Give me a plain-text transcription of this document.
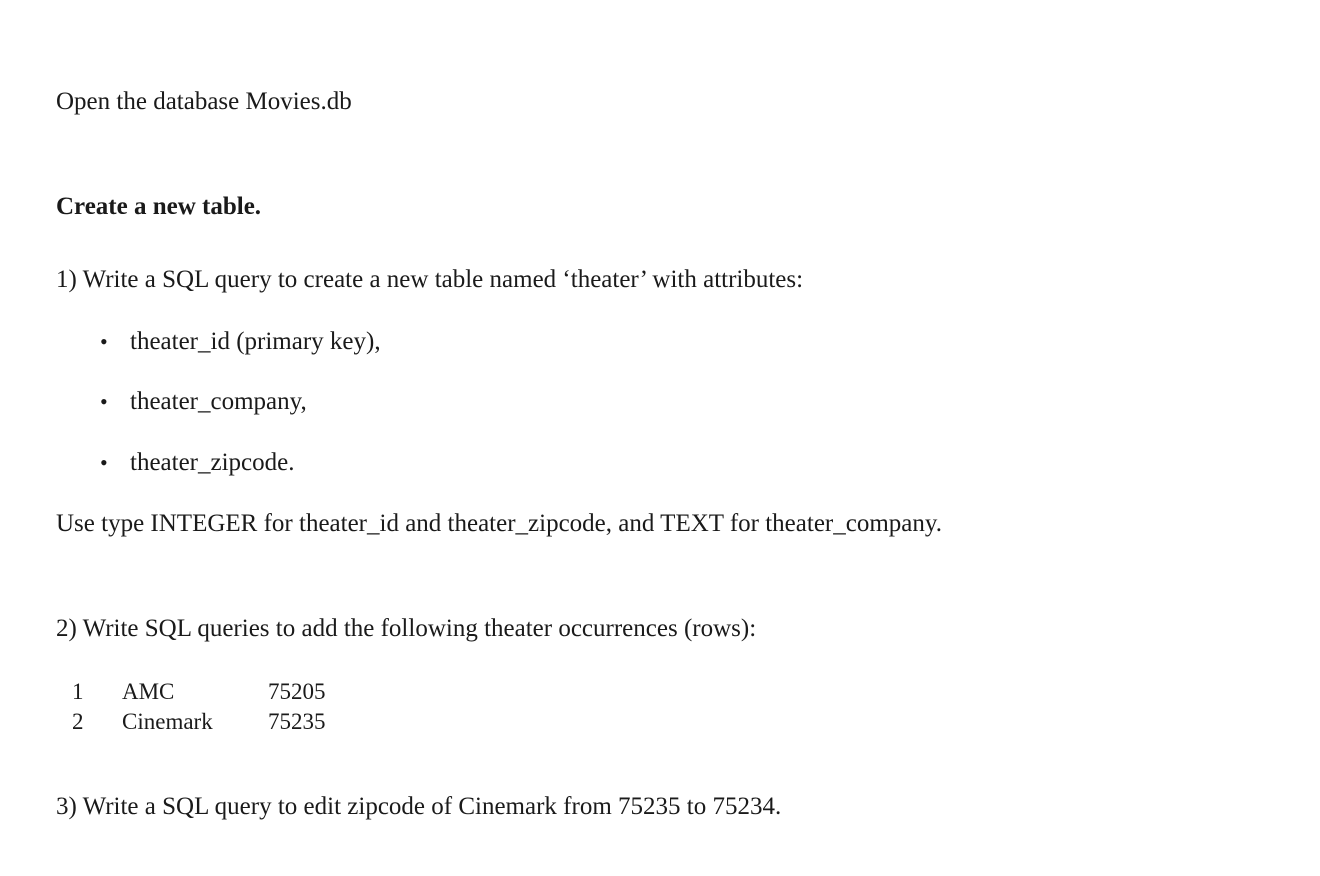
Open the database Movies.db
Create a new table.
1) Write a SQL query to create a new table named ‘theater’ with attributes:
• theater_id (primary key),
• theater_company,
• theater_zipcode.
Use type INTEGER for theater_id and theater_zipcode, and TEXT for theater_company.
2) Write SQL queries to add the following theater occurrences (rows):
1	AMC	75205
2	Cinemark	75235
3) Write a SQL query to edit zipcode of Cinemark from 75235 to 75234.
